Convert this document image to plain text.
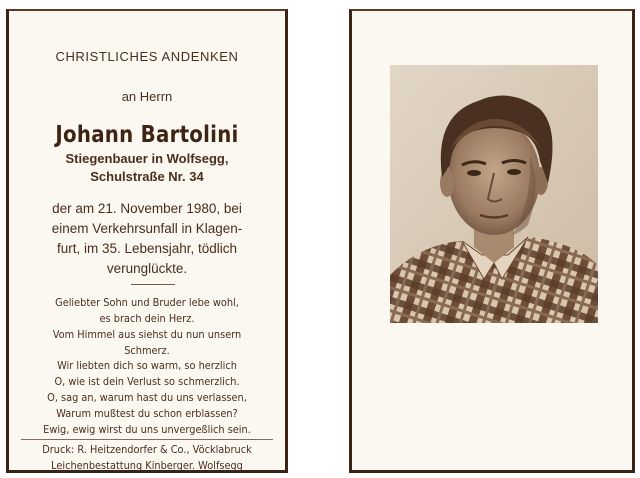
CHRISTLICHES ANDENKEN
an Herrn
Johann Bartolini
Stiegenbauer in Wolfsegg,
Schulstraße Nr. 34
der am 21. November 1980, bei
einem Verkehrsunfall in Klagen-
furt, im 35. Lebensjahr, tödlich
verunglückte.
Geliebter Sohn und Bruder lebe wohl,
es brach dein Herz.
Vom Himmel aus siehst du nun unsern
Schmerz.
Wir liebten dich so warm, so herzlich
O, wie ist dein Verlust so schmerzlich.
O, sag an, warum hast du uns verlassen,
Warum mußtest du schon erblassen?
Ewig, ewig wirst du uns unvergeßlich sein.
Druck: R. Heitzendorfer & Co., Vöcklabruck
Leichenbestattung Kinberger. Wolfsegg
